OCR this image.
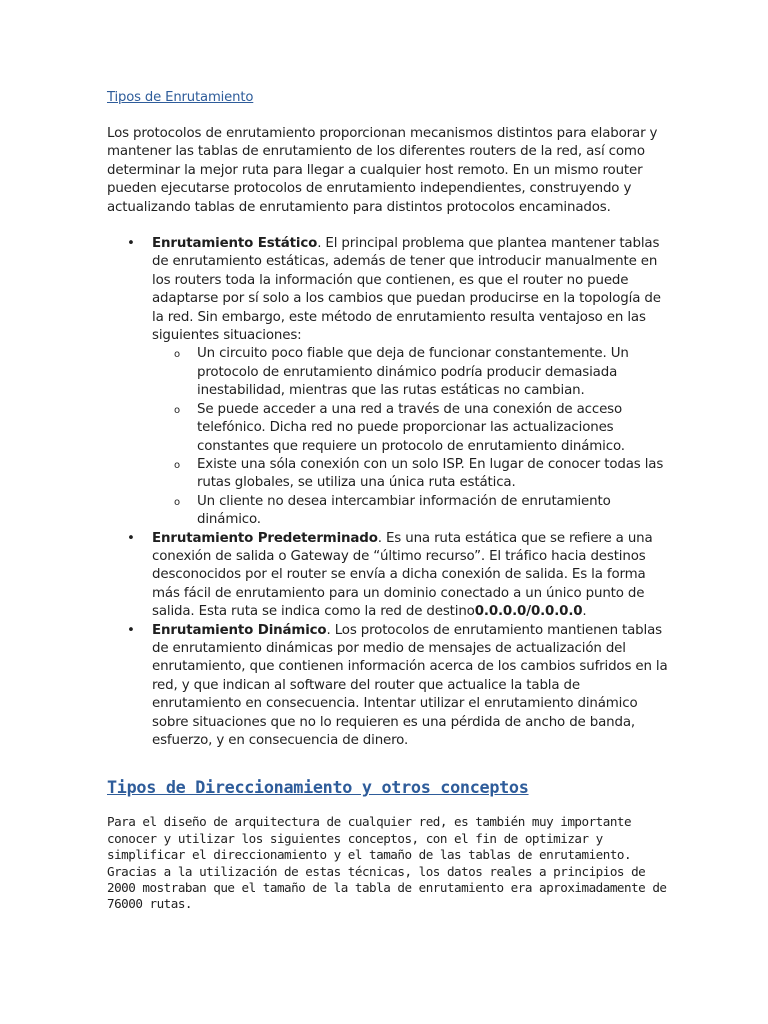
Tipos de Enrutamiento

Los protocolos de enrutamiento proporcionan mecanismos distintos para elaborar y mantener las tablas de enrutamiento de los diferentes routers de la red, así como determinar la mejor ruta para llegar a cualquier host remoto. En un mismo router pueden ejecutarse protocolos de enrutamiento independientes, construyendo y actualizando tablas de enrutamiento para distintos protocolos encaminados.

• Enrutamiento Estático. El principal problema que plantea mantener tablas de enrutamiento estáticas, además de tener que introducir manualmente en los routers toda la información que contienen, es que el router no puede adaptarse por sí solo a los cambios que puedan producirse en la topología de la red. Sin embargo, este método de enrutamiento resulta ventajoso en las siguientes situaciones:
o Un circuito poco fiable que deja de funcionar constantemente. Un protocolo de enrutamiento dinámico podría producir demasiada inestabilidad, mientras que las rutas estáticas no cambian.
o Se puede acceder a una red a través de una conexión de acceso telefónico. Dicha red no puede proporcionar las actualizaciones constantes que requiere un protocolo de enrutamiento dinámico.
o Existe una sóla conexión con un solo ISP. En lugar de conocer todas las rutas globales, se utiliza una única ruta estática.
o Un cliente no desea intercambiar información de enrutamiento dinámico.
• Enrutamiento Predeterminado. Es una ruta estática que se refiere a una conexión de salida o Gateway de “último recurso”. El tráfico hacia destinos desconocidos por el router se envía a dicha conexión de salida. Es la forma más fácil de enrutamiento para un dominio conectado a un único punto de salida. Esta ruta se indica como la red de destino0.0.0.0/0.0.0.0.
• Enrutamiento Dinámico. Los protocolos de enrutamiento mantienen tablas de enrutamiento dinámicas por medio de mensajes de actualización del enrutamiento, que contienen información acerca de los cambios sufridos en la red, y que indican al software del router que actualice la tabla de enrutamiento en consecuencia. Intentar utilizar el enrutamiento dinámico sobre situaciones que no lo requieren es una pérdida de ancho de banda, esfuerzo, y en consecuencia de dinero.

Tipos de Direccionamiento y otros conceptos

Para el diseño de arquitectura de cualquier red, es también muy importante conocer y utilizar los siguientes conceptos, con el fin de optimizar y simplificar el direccionamiento y el tamaño de las tablas de enrutamiento. Gracias a la utilización de estas técnicas, los datos reales a principios de 2000 mostraban que el tamaño de la tabla de enrutamiento era aproximadamente de 76000 rutas.
